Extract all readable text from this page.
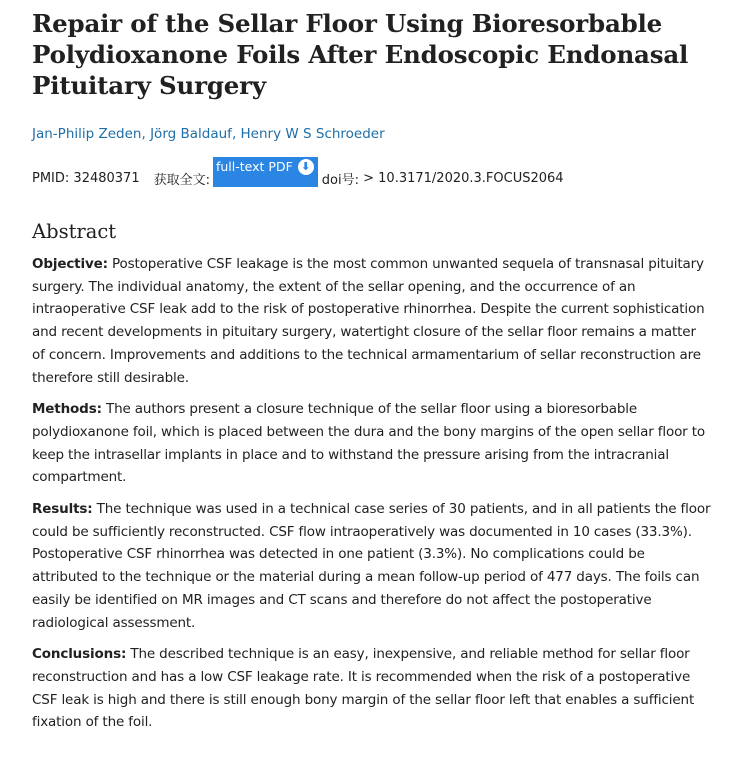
Repair of the Sellar Floor Using Bioresorbable Polydioxanone Foils After Endoscopic Endonasal Pituitary Surgery
Jan-Philip Zeden, Jörg Baldauf, Henry W S Schroeder
PMID:
32480371 获取全文:
full-text PDF ⬇
doi号:
>
10.3171/2020.3.FOCUS2064
Abstract

Objective: Postoperative CSF leakage is the most common unwanted sequela of transnasal pituitary surgery. The individual anatomy, the extent of the sellar opening, and the occurrence of an intraoperative CSF leak add to the risk of postoperative rhinorrhea. Despite the current sophistication and recent developments in pituitary surgery, watertight closure of the sellar floor remains a matter of concern. Improvements and additions to the technical armamentarium of sellar reconstruction are therefore still desirable.

Methods: The authors present a closure technique of the sellar floor using a bioresorbable polydioxanone foil, which is placed between the dura and the bony margins of the open sellar floor to keep the intrasellar implants in place and to withstand the pressure arising from the intracranial compartment.

Results: The technique was used in a technical case series of 30 patients, and in all patients the floor could be sufficiently reconstructed. CSF flow intraoperatively was documented in 10 cases (33.3%). Postoperative CSF rhinorrhea was detected in one patient (3.3%). No complications could be attributed to the technique or the material during a mean follow-up period of 477 days. The foils can easily be identified on MR images and CT scans and therefore do not affect the postoperative radiological assessment.

Conclusions: The described technique is an easy, inexpensive, and reliable method for sellar floor reconstruction and has a low CSF leakage rate. It is recommended when the risk of a postoperative CSF leak is high and there is still enough bony margin of the sellar floor left that enables a sufficient fixation of the foil.
